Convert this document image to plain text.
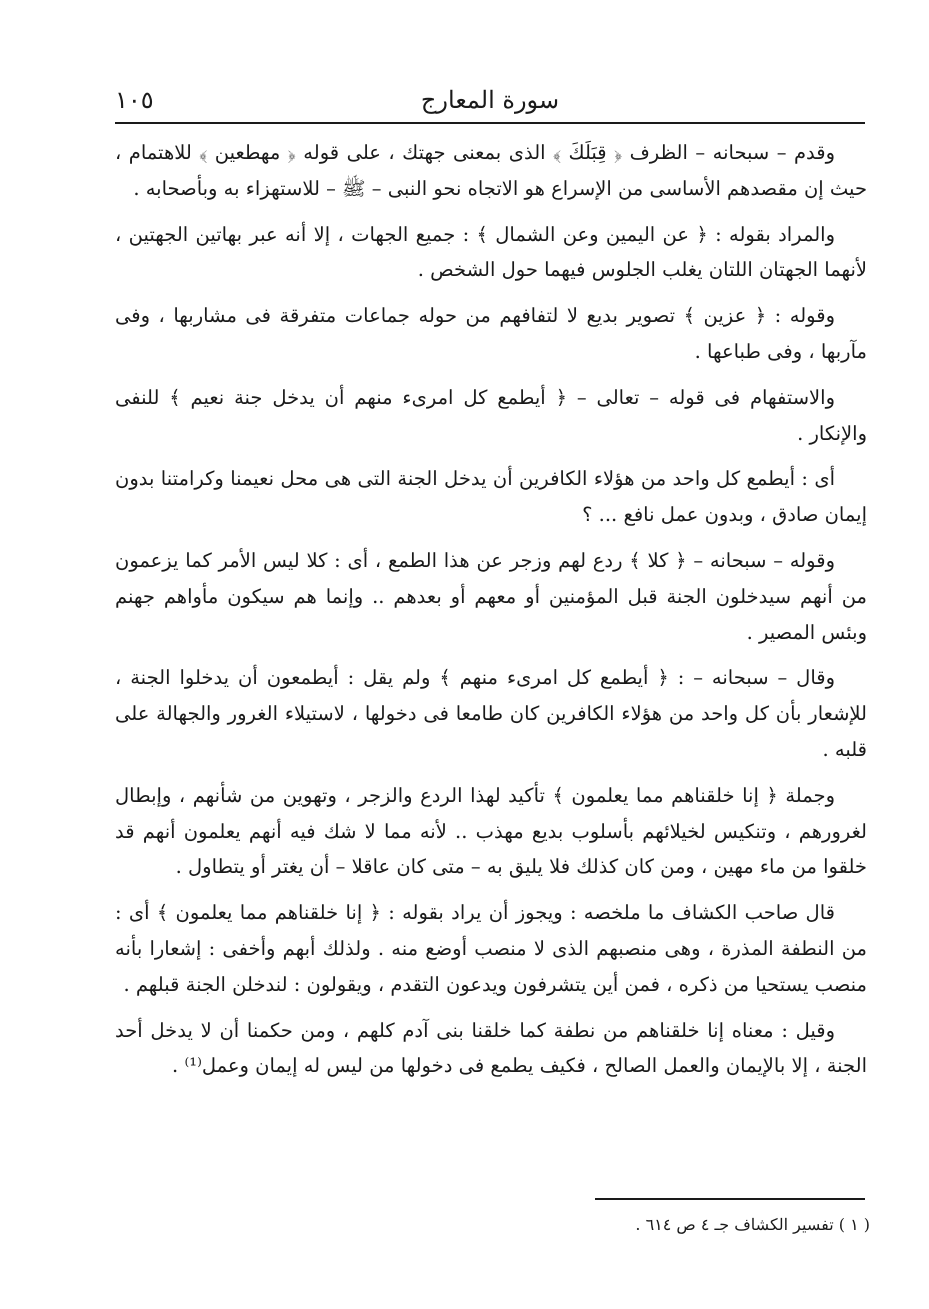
سورة المعارج
١٠٥

وقدم – سبحانه – الظرف ﴿ قِبَلَكَ ﴾ الذى بمعنى جهتك ، على قوله ﴿ مهطعين ﴾ للاهتمام ، حيث إن مقصدهم الأساسى من الإسراع هو الاتجاه نحو النبى – ﷺ – للاستهزاء به وبأصحابه .

والمراد بقوله : ﴿ عن اليمين وعن الشمال ﴾ : جميع الجهات ، إلا أنه عبر بهاتين الجهتين ، لأنهما الجهتان اللتان يغلب الجلوس فيهما حول الشخص .

وقوله : ﴿ عزين ﴾ تصوير بديع لا لتفافهم من حوله جماعات متفرقة فى مشاربها ، وفى مآربها ، وفى طباعها .

والاستفهام فى قوله – تعالى – ﴿ أيطمع كل امرىء منهم أن يدخل جنة نعيم ﴾ للنفى والإنكار .

أى : أيطمع كل واحد من هؤلاء الكافرين أن يدخل الجنة التى هى محل نعيمنا وكرامتنا بدون إيمان صادق ، وبدون عمل نافع ... ؟

وقوله – سبحانه – ﴿ كلا ﴾ ردع لهم وزجر عن هذا الطمع ، أى : كلا ليس الأمر كما يزعمون من أنهم سيدخلون الجنة قبل المؤمنين أو معهم أو بعدهم .. وإنما هم سيكون مأواهم جهنم وبئس المصير .

وقال – سبحانه – : ﴿ أيطمع كل امرىء منهم ﴾ ولم يقل : أيطمعون أن يدخلوا الجنة ، للإشعار بأن كل واحد من هؤلاء الكافرين كان طامعا فى دخولها ، لاستيلاء الغرور والجهالة على قلبه .

وجملة ﴿ إنا خلقناهم مما يعلمون ﴾ تأكيد لهذا الردع والزجر ، وتهوين من شأنهم ، وإبطال لغرورهم ، وتنكيس لخيلائهم بأسلوب بديع مهذب .. لأنه مما لا شك فيه أنهم يعلمون أنهم قد خلقوا من ماء مهين ، ومن كان كذلك فلا يليق به – متى كان عاقلا – أن يغتر أو يتطاول .

قال صاحب الكشاف ما ملخصه : ويجوز أن يراد بقوله : ﴿ إنا خلقناهم مما يعلمون ﴾ أى : من النطفة المذرة ، وهى منصبهم الذى لا منصب أوضع منه . ولذلك أبهم وأخفى : إشعارا بأنه منصب يستحيا من ذكره ، فمن أين يتشرفون ويدعون التقدم ، ويقولون : لندخلن الجنة قبلهم .

وقيل : معناه إنا خلقناهم من نطفة كما خلقنا بنى آدم كلهم ، ومن حكمنا أن لا يدخل أحد الجنة ، إلا بالإيمان والعمل الصالح ، فكيف يطمع فى دخولها من ليس له إيمان وعمل⁽¹⁾ .

( ١ ) تفسير الكشاف جـ ٤ ص ٦١٤ .
